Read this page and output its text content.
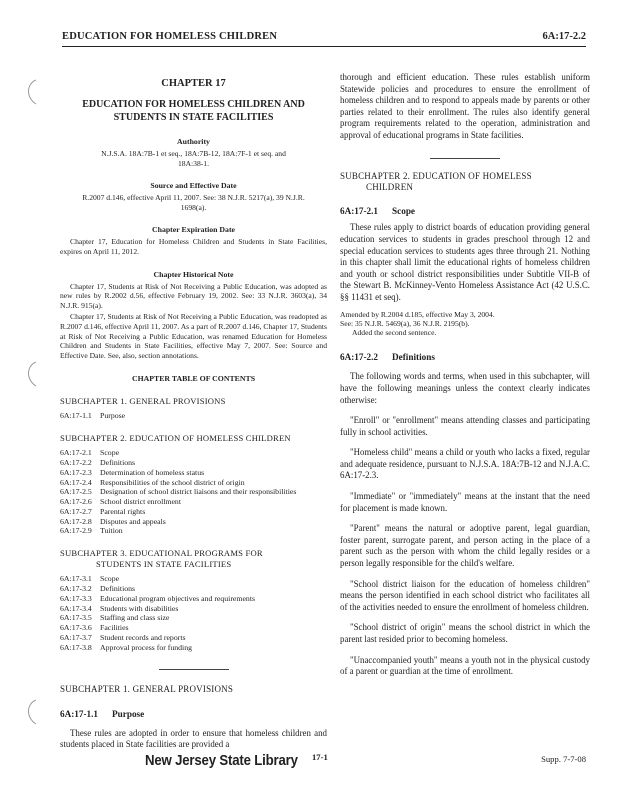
EDUCATION FOR HOMELESS CHILDREN	6A:17-2.2
CHAPTER 17
EDUCATION FOR HOMELESS CHILDREN AND STUDENTS IN STATE FACILITIES
Authority
N.J.S.A. 18A:7B-1 et seq., 18A:7B-12, 18A:7F-1 et seq. and 18A:38-1.
Source and Effective Date
R.2007 d.146, effective April 11, 2007. See: 38 N.J.R. 5217(a), 39 N.J.R. 1698(a).
Chapter Expiration Date
Chapter 17, Education for Homeless Children and Students in State Facilities, expires on April 11, 2012.
Chapter Historical Note
Chapter 17, Students at Risk of Not Receiving a Public Education, was adopted as new rules by R.2002 d.56, effective February 19, 2002. See: 33 N.J.R. 3603(a), 34 N.J.R. 915(a).
Chapter 17, Students at Risk of Not Receiving a Public Education, was readopted as R.2007 d.146, effective April 11, 2007. As a part of R.2007 d.146, Chapter 17, Students at Risk of Not Receiving a Public Education, was renamed Education for Homeless Children and Students in State Facilities, effective May 7, 2007. See: Source and Effective Date. See, also, section annotations.
CHAPTER TABLE OF CONTENTS
SUBCHAPTER 1. GENERAL PROVISIONS
6A:17-1.1	Purpose
SUBCHAPTER 2. EDUCATION OF HOMELESS CHILDREN
6A:17-2.1	Scope
6A:17-2.2	Definitions
6A:17-2.3	Determination of homeless status
6A:17-2.4	Responsibilities of the school district of origin
6A:17-2.5	Designation of school district liaisons and their responsibilities
6A:17-2.6	School district enrollment
6A:17-2.7	Parental rights
6A:17-2.8	Disputes and appeals
6A:17-2.9	Tuition
SUBCHAPTER 3. EDUCATIONAL PROGRAMS FOR
STUDENTS IN STATE FACILITIES
6A:17-3.1	Scope
6A:17-3.2	Definitions
6A:17-3.3	Educational program objectives and requirements
6A:17-3.4	Students with disabilities
6A:17-3.5	Staffing and class size
6A:17-3.6	Facilities
6A:17-3.7	Student records and reports
6A:17-3.8	Approval process for funding
SUBCHAPTER 1. GENERAL PROVISIONS
6A:17-1.1 Purpose
These rules are adopted in order to ensure that homeless children and students placed in State facilities are provided a
thorough and efficient education. These rules establish uniform Statewide policies and procedures to ensure the enrollment of homeless children and to respond to appeals made by parents or other parties related to their enrollment. The rules also identify general program requirements related to the operation, administration and approval of educational programs in State facilities.
SUBCHAPTER 2. EDUCATION OF HOMELESS
CHILDREN
6A:17-2.1 Scope
These rules apply to district boards of education providing general education services to students in grades preschool through 12 and special education services to students ages three through 21. Nothing in this chapter shall limit the educational rights of homeless children and youth or school district responsibilities under Subtitle VII-B of the Stewart B. McKinney-Vento Homeless Assistance Act (42 U.S.C. §§ 11431 et seq).
Amended by R.2004 d.185, effective May 3, 2004.
See: 35 N.J.R. 5469(a), 36 N.J.R. 2195(b).
Added the second sentence.
6A:17-2.2 Definitions
The following words and terms, when used in this subchapter, will have the following meanings unless the context clearly indicates otherwise:
"Enroll" or "enrollment" means attending classes and participating fully in school activities.
"Homeless child" means a child or youth who lacks a fixed, regular and adequate residence, pursuant to N.J.S.A. 18A:7B-12 and N.J.A.C. 6A:17-2.3.
"Immediate" or "immediately" means at the instant that the need for placement is made known.
"Parent" means the natural or adoptive parent, legal guardian, foster parent, surrogate parent, and person acting in the place of a parent such as the person with whom the child legally resides or a person legally responsible for the child's welfare.
"School district liaison for the education of homeless children" means the person identified in each school district who facilitates all of the activities needed to ensure the enrollment of homeless children.
"School district of origin" means the school district in which the parent last resided prior to becoming homeless.
"Unaccompanied youth" means a youth not in the physical custody of a parent or guardian at the time of enrollment.
New Jersey State Library 17-1	Supp. 7-7-08
